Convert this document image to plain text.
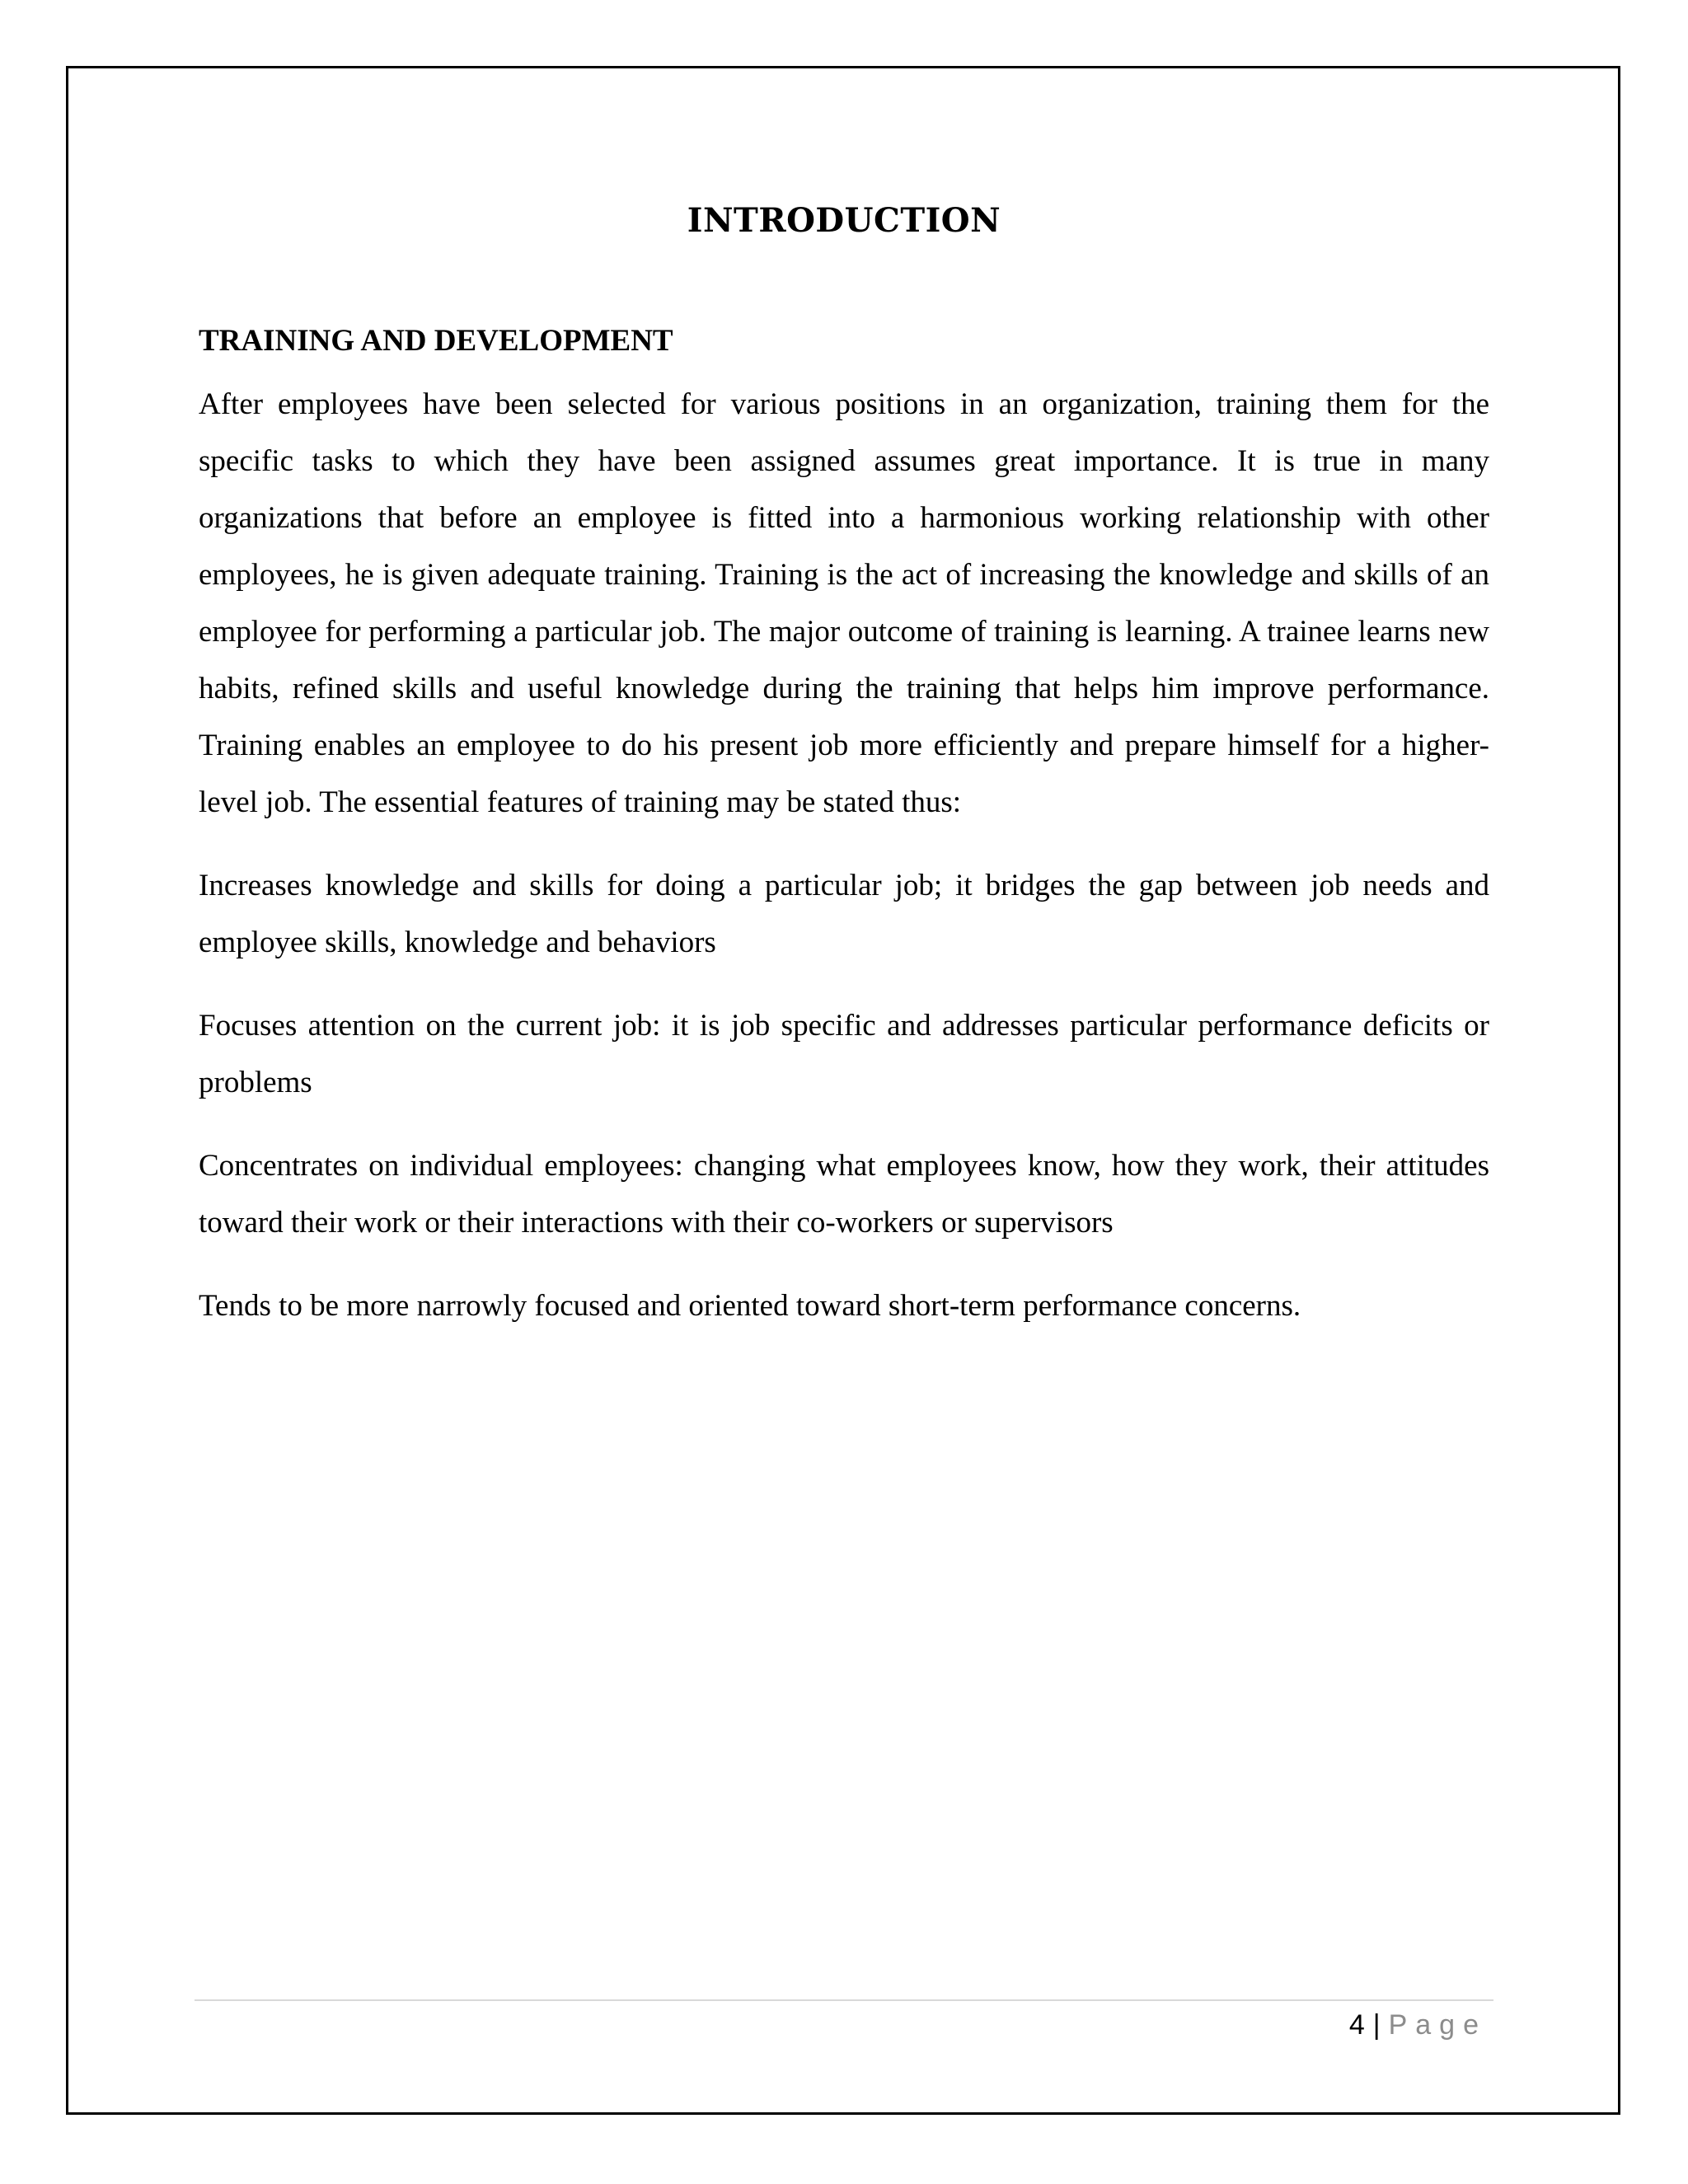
INTRODUCTION
TRAINING AND DEVELOPMENT

After employees have been selected for various positions in an organization, training them for the specific tasks to which they have been assigned assumes great importance. It is true in many organizations that before an employee is fitted into a harmonious working relationship with other employees, he is given adequate training. Training is the act of increasing the knowledge and skills of an employee for performing a particular job. The major outcome of training is learning. A trainee learns new habits, refined skills and useful knowledge during the training that helps him improve performance. Training enables an employee to do his present job more efficiently and prepare himself for a higher-level job. The essential features of training may be stated thus:

Increases knowledge and skills for doing a particular job; it bridges the gap between job needs and employee skills, knowledge and behaviors

Focuses attention on the current job: it is job specific and addresses particular performance deficits or problems

Concentrates on individual employees: changing what employees know, how they work, their attitudes toward their work or their interactions with their co-workers or supervisors

Tends to be more narrowly focused and oriented toward short-term performance concerns.

4 | Page
